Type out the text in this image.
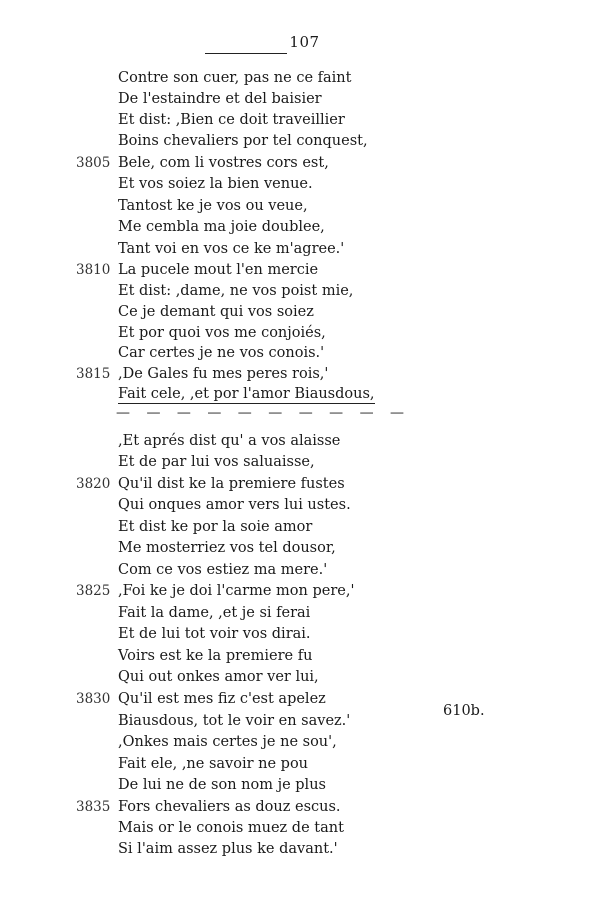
107
Contre son cuer, pas ne ce faint
De l'estaindre et del baisier
Et dist: ,Bien ce doit traveillier
Boins chevaliers por tel conquest,
3805 Bele, com li vostres cors est,
Et vos soiez la bien venue.
Tantost ke je vos ou veue,
Me cembla ma joie doublee,
Tant voi en vos ce ke m'agree.'
3810 La pucele mout l'en mercie
Et dist: ,dame, ne vos poist mie,
Ce je demant qui vos soiez
Et por quoi vos me conjoiés,
Car certes je ne vos conois.'
3815 ,De Gales fu mes peres rois,'
Fait cele, ,et por l'amor Biausdous,
— — — — — — — — — —
,Et aprés dist qu' a vos alaisse
Et de par lui vos saluaisse,
3820 Qu'il dist ke la premiere fustes
Qui onques amor vers lui ustes.
Et dist ke por la soie amor
Me mosterriez vos tel dousor,
Com ce vos estiez ma mere.'
3825 ,Foi ke je doi l'carme mon pere,'
Fait la dame, ,et je si ferai
Et de lui tot voir vos dirai.
Voirs est ke la premiere fu
Qui out onkes amor ver lui,
3830 Qu'il est mes fiz c'est apelez
Biausdous, tot le voir en savez.'
,Onkes mais certes je ne sou',
Fait ele, ,ne savoir ne pou
De lui ne de son nom je plus
3835 Fors chevaliers as douz escus.
Mais or le conois muez de tant
Si l'aim assez plus ke davant.'
610b.
